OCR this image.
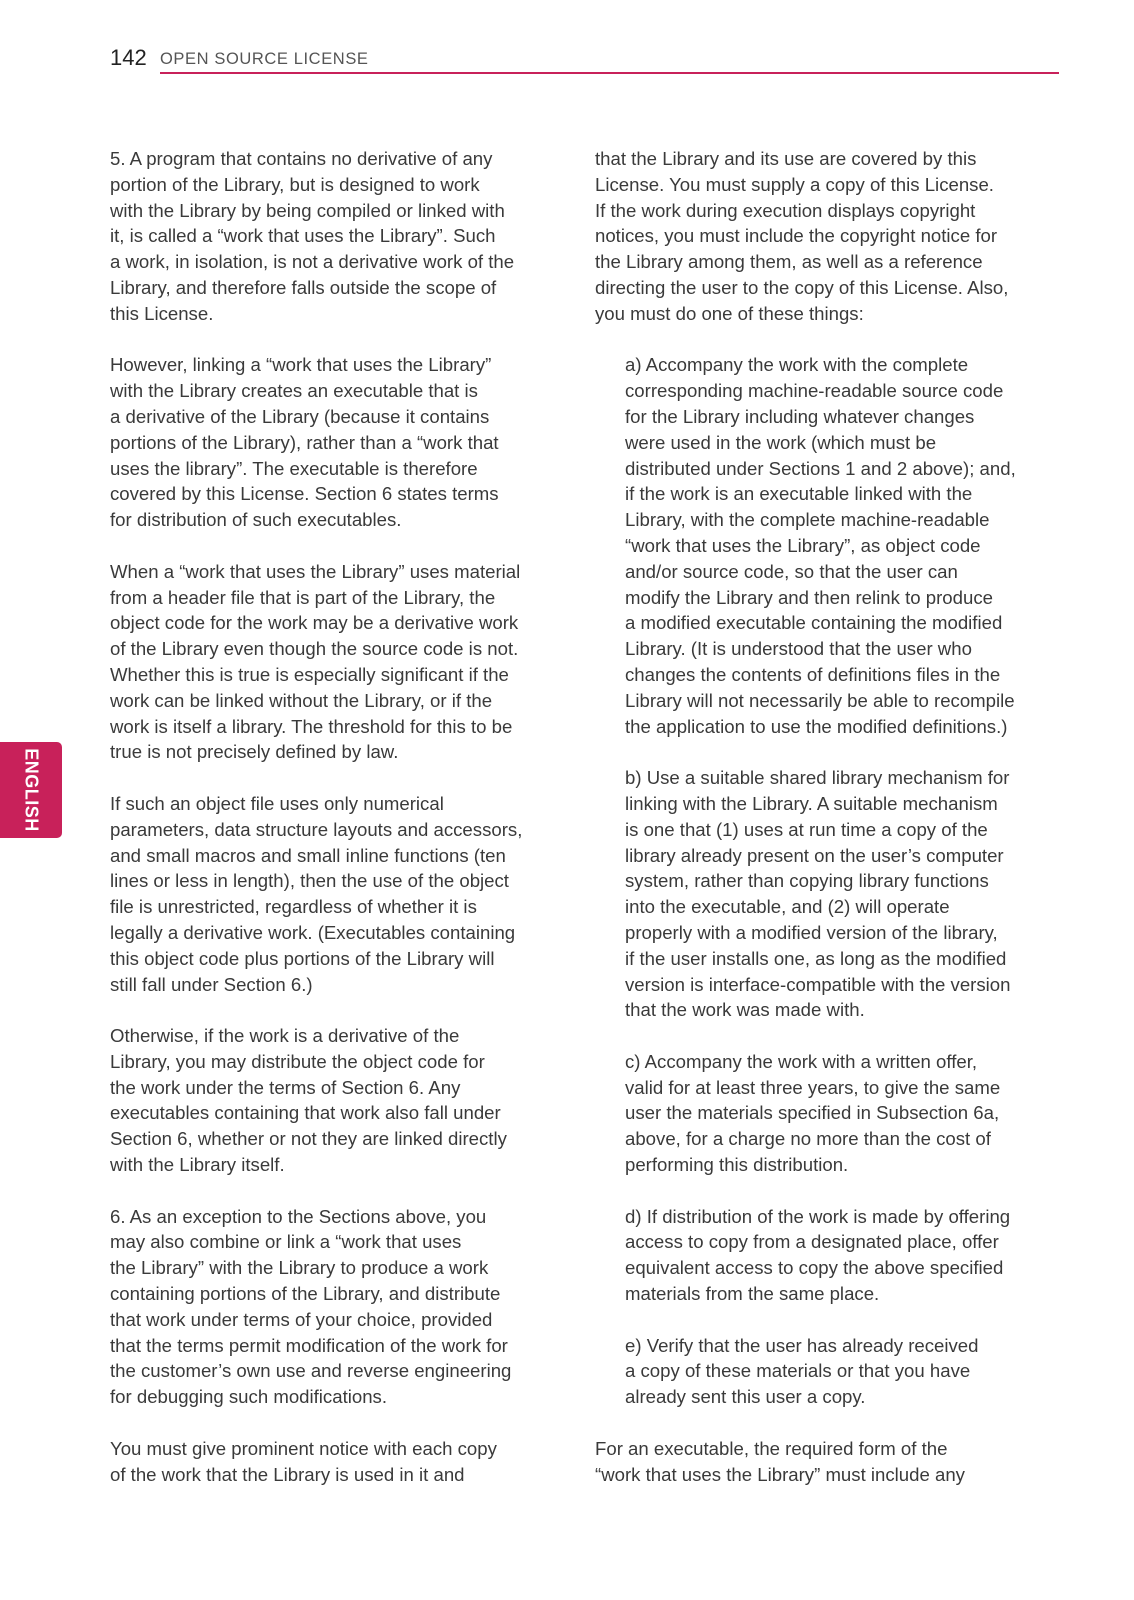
142 OPEN SOURCE LICENSE
ENGLISH
5. A program that contains no derivative of any
portion of the Library, but is designed to work
with the Library by being compiled or linked with
it, is called a “work that uses the Library”. Such
a work, in isolation, is not a derivative work of the
Library, and therefore falls outside the scope of
this License.
However, linking a “work that uses the Library”
with the Library creates an executable that is
a derivative of the Library (because it contains
portions of the Library), rather than a “work that
uses the library”. The executable is therefore
covered by this License. Section 6 states terms
for distribution of such executables.
When a “work that uses the Library” uses material
from a header file that is part of the Library, the
object code for the work may be a derivative work
of the Library even though the source code is not.
Whether this is true is especially significant if the
work can be linked without the Library, or if the
work is itself a library. The threshold for this to be
true is not precisely defined by law.
If such an object file uses only numerical
parameters, data structure layouts and accessors,
and small macros and small inline functions (ten
lines or less in length), then the use of the object
file is unrestricted, regardless of whether it is
legally a derivative work. (Executables containing
this object code plus portions of the Library will
still fall under Section 6.)
Otherwise, if the work is a derivative of the
Library, you may distribute the object code for
the work under the terms of Section 6. Any
executables containing that work also fall under
Section 6, whether or not they are linked directly
with the Library itself.
6. As an exception to the Sections above, you
may also combine or link a “work that uses
the Library” with the Library to produce a work
containing portions of the Library, and distribute
that work under terms of your choice, provided
that the terms permit modification of the work for
the customer’s own use and reverse engineering
for debugging such modifications.
You must give prominent notice with each copy
of the work that the Library is used in it and
that the Library and its use are covered by this
License. You must supply a copy of this License.
If the work during execution displays copyright
notices, you must include the copyright notice for
the Library among them, as well as a reference
directing the user to the copy of this License. Also,
you must do one of these things:
a) Accompany the work with the complete
corresponding machine-readable source code
for the Library including whatever changes
were used in the work (which must be
distributed under Sections 1 and 2 above); and,
if the work is an executable linked with the
Library, with the complete machine-readable
“work that uses the Library”, as object code
and/or source code, so that the user can
modify the Library and then relink to produce
a modified executable containing the modified
Library. (It is understood that the user who
changes the contents of definitions files in the
Library will not necessarily be able to recompile
the application to use the modified definitions.)
b) Use a suitable shared library mechanism for
linking with the Library. A suitable mechanism
is one that (1) uses at run time a copy of the
library already present on the user’s computer
system, rather than copying library functions
into the executable, and (2) will operate
properly with a modified version of the library,
if the user installs one, as long as the modified
version is interface-compatible with the version
that the work was made with.
c) Accompany the work with a written offer,
valid for at least three years, to give the same
user the materials specified in Subsection 6a,
above, for a charge no more than the cost of
performing this distribution.
d) If distribution of the work is made by offering
access to copy from a designated place, offer
equivalent access to copy the above specified
materials from the same place.
e) Verify that the user has already received
a copy of these materials or that you have
already sent this user a copy.
For an executable, the required form of the
“work that uses the Library” must include any
